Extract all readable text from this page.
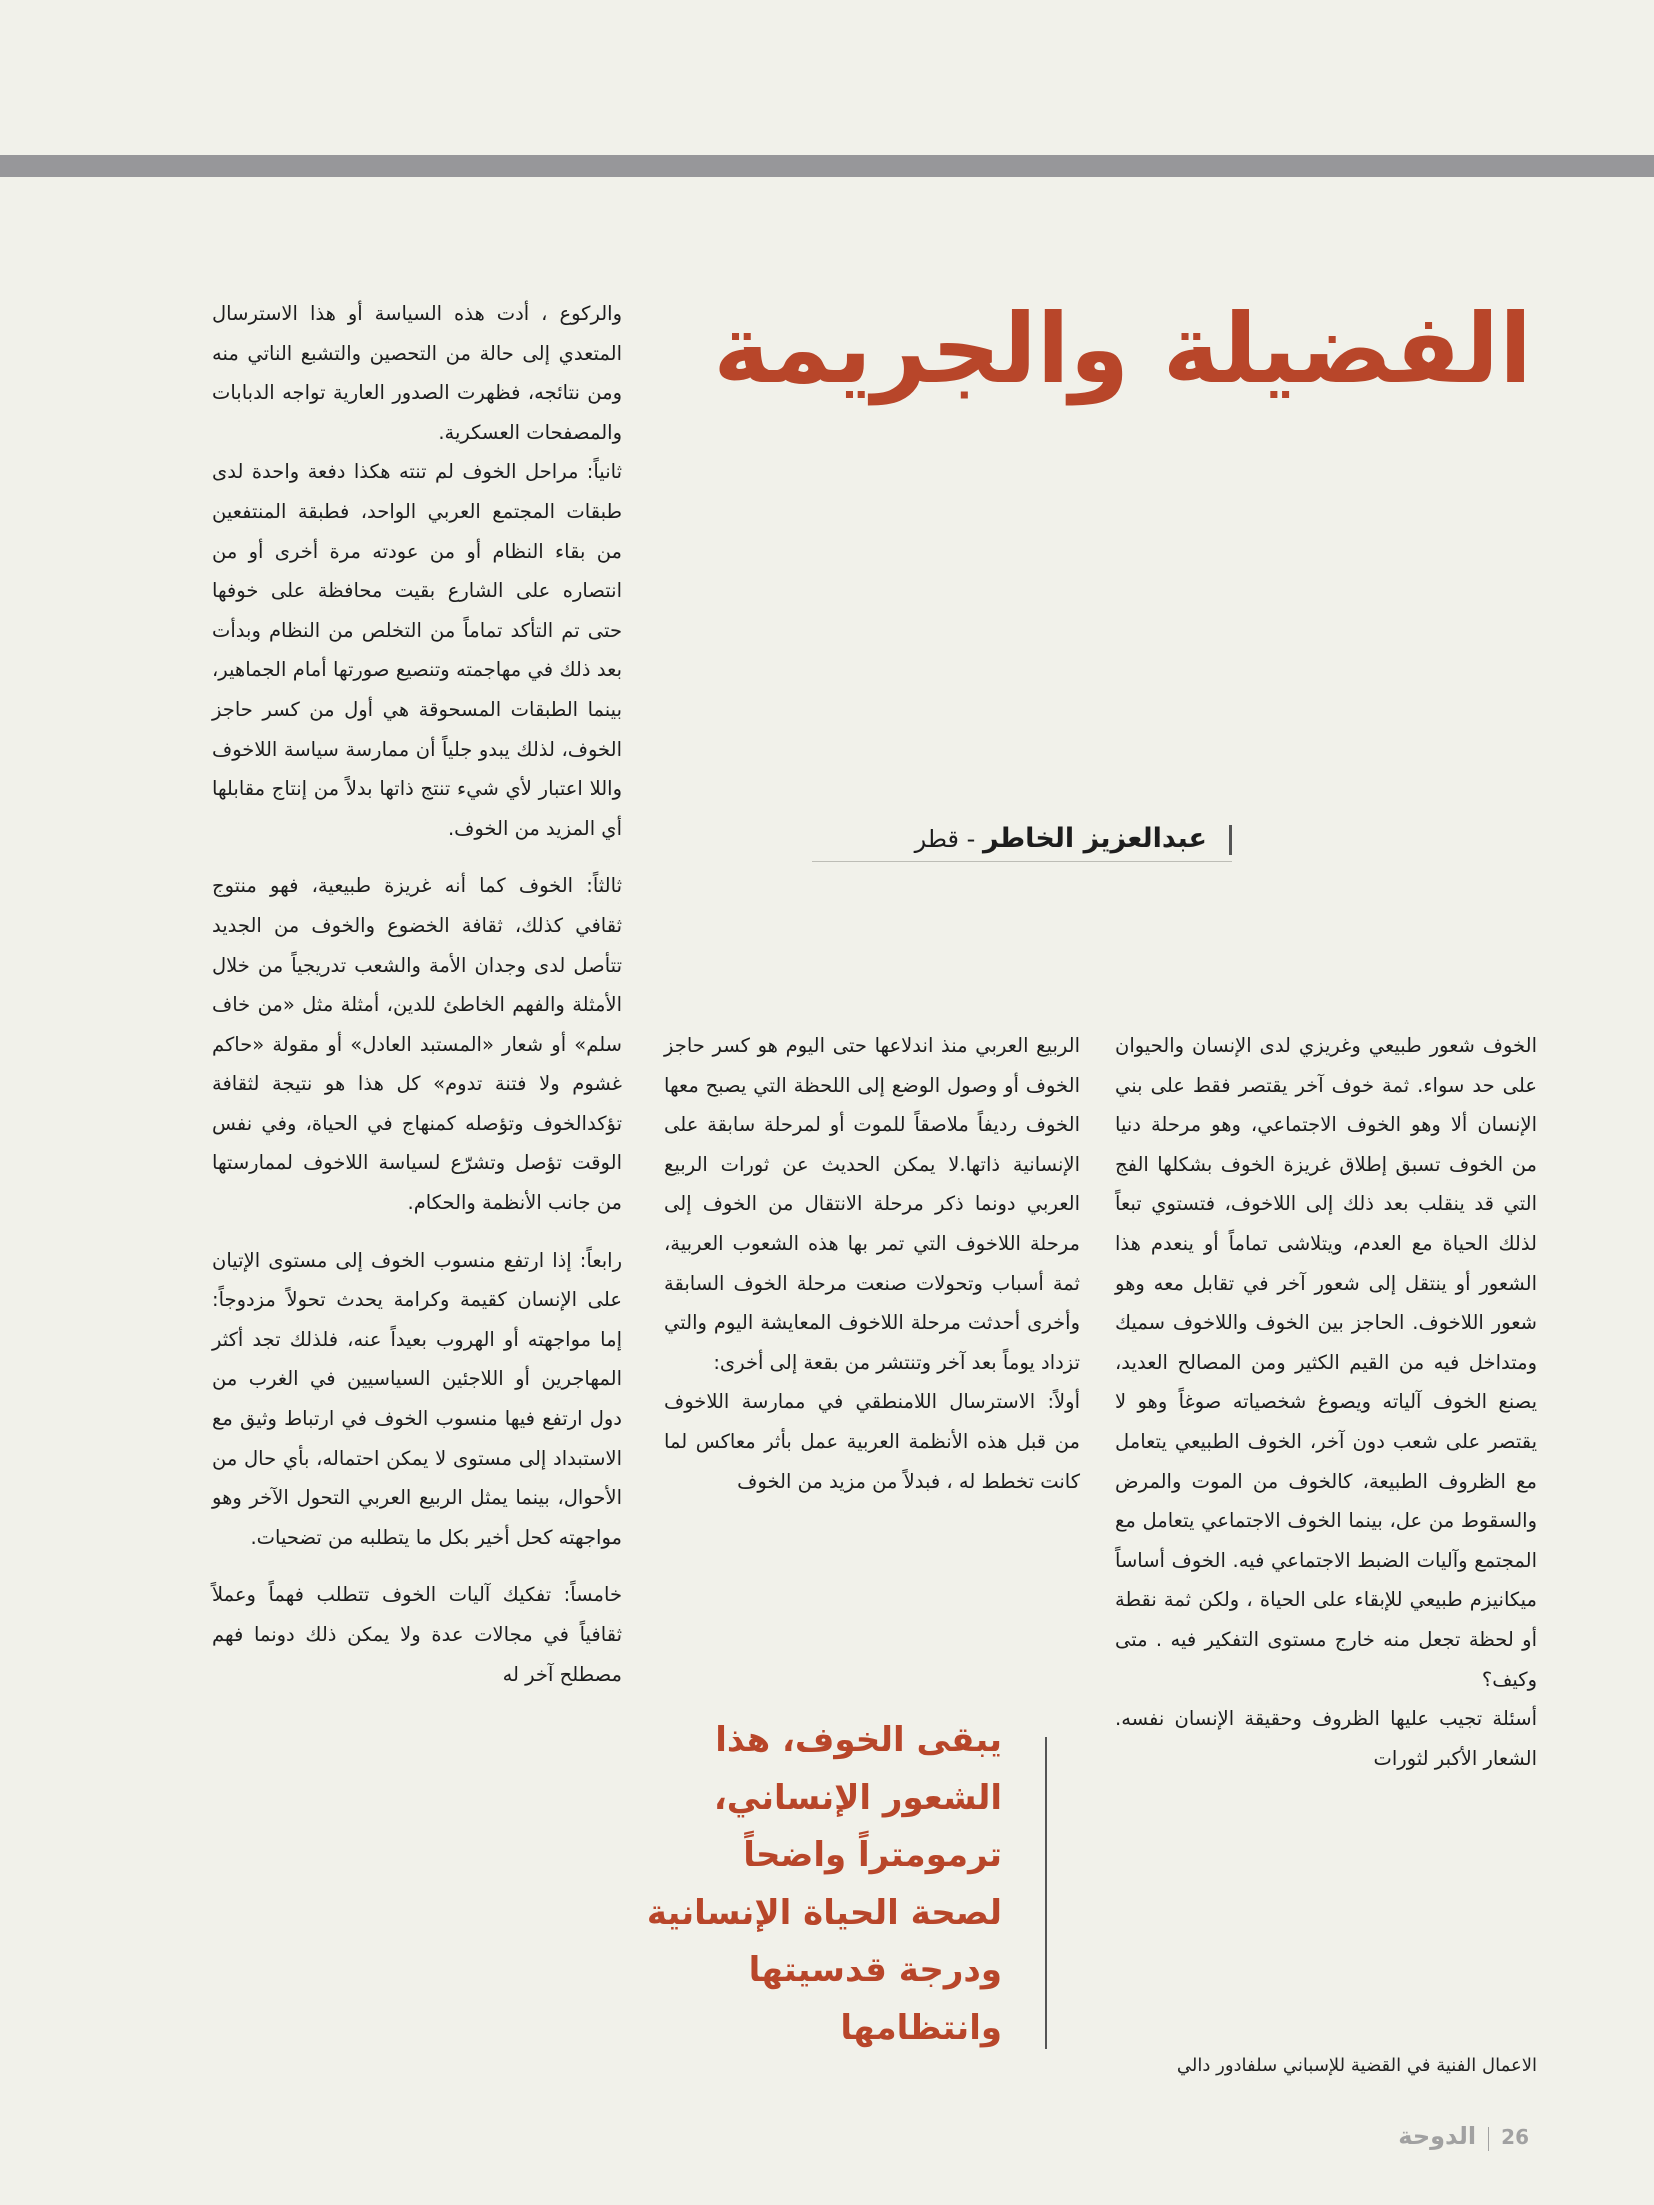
الفضيلة والجريمة
عبدالعزيز الخاطر - قطر

الخوف شعور طبيعي وغريزي لدى الإنسان والحيوان على حد سواء. ثمة خوف آخر يقتصر فقط على بني الإنسان ألا وهو الخوف الاجتماعي، وهو مرحلة دنيا من الخوف تسبق إطلاق غريزة الخوف بشكلها الفج التي قد ينقلب بعد ذلك إلى اللاخوف، فتستوي تبعاً لذلك الحياة مع العدم، ويتلاشى تماماً أو ينعدم هذا الشعور أو ينتقل إلى شعور آخر في تقابل معه وهو شعور اللاخوف. الحاجز بين الخوف واللاخوف سميك ومتداخل فيه من القيم الكثير ومن المصالح العديد، يصنع الخوف آلياته ويصوغ شخصياته صوغاً وهو لا يقتصر على شعب دون آخر، الخوف الطبيعي يتعامل مع الظروف الطبيعة، كالخوف من الموت والمرض والسقوط من عل، بينما الخوف الاجتماعي يتعامل مع المجتمع وآليات الضبط الاجتماعي فيه. الخوف أساساً ميكانيزم طبيعي للإبقاء على الحياة ، ولكن ثمة نقطة أو لحظة تجعل منه خارج مستوى التفكير فيه . متى وكيف؟

أسئلة تجيب عليها الظروف وحقيقة الإنسان نفسه. الشعار الأكبر لثورات

الربيع العربي منذ اندلاعها حتى اليوم هو كسر حاجز الخوف أو وصول الوضع إلى اللحظة التي يصبح معها الخوف رديفاً ملاصقاً للموت أو لمرحلة سابقة على الإنسانية ذاتها.لا يمكن الحديث عن ثورات الربيع العربي دونما ذكر مرحلة الانتقال من الخوف إلى مرحلة اللاخوف التي تمر بها هذه الشعوب العربية، ثمة أسباب وتحولات صنعت مرحلة الخوف السابقة وأخرى أحدثت مرحلة اللاخوف المعايشة اليوم والتي تزداد يوماً بعد آخر وتنتشر من بقعة إلى أخرى:

أولاً: الاسترسال اللامنطقي في ممارسة اللاخوف من قبل هذه الأنظمة العربية عمل بأثر معاكس لما كانت تخطط له ، فبدلاً من مزيد من الخوف

والركوع ، أدت هذه السياسة أو هذا الاسترسال المتعدي إلى حالة من التحصين والتشبع الناتي منه ومن نتائجه، فظهرت الصدور العارية تواجه الدبابات والمصفحات العسكرية.

ثانياً: مراحل الخوف لم تنته هكذا دفعة واحدة لدى طبقات المجتمع العربي الواحد، فطبقة المنتفعين من بقاء النظام أو من عودته مرة أخرى أو من انتصاره على الشارع بقيت محافظة على خوفها حتى تم التأكد تماماً من التخلص من النظام وبدأت بعد ذلك في مهاجمته وتنصيع صورتها أمام الجماهير، بينما الطبقات المسحوقة هي أول من كسر حاجز الخوف، لذلك يبدو جلياً أن ممارسة سياسة اللاخوف واللا اعتبار لأي شيء تنتج ذاتها بدلاً من إنتاج مقابلها أي المزيد من الخوف.

ثالثاً: الخوف كما أنه غريزة طبيعية، فهو منتوج ثقافي كذلك، ثقافة الخضوع والخوف من الجديد تتأصل لدى وجدان الأمة والشعب تدريجياً من خلال الأمثلة والفهم الخاطئ للدين، أمثلة مثل «من خاف سلم» أو شعار «المستبد العادل» أو مقولة «حاكم غشوم ولا فتنة تدوم» كل هذا هو نتيجة لثقافة تؤكدالخوف وتؤصله كمنهاج في الحياة، وفي نفس الوقت تؤصل وتشرّع لسياسة اللاخوف لممارستها من جانب الأنظمة والحكام.

رابعاً: إذا ارتفع منسوب الخوف إلى مستوى الإتيان على الإنسان كقيمة وكرامة يحدث تحولاً مزدوجاً: إما مواجهته أو الهروب بعيداً عنه، فلذلك تجد أكثر المهاجرين أو اللاجئين السياسيين في الغرب من دول ارتفع فيها منسوب الخوف في ارتباط وثيق مع الاستبداد إلى مستوى لا يمكن احتماله، بأي حال من الأحوال، بينما يمثل الربيع العربي التحول الآخر وهو مواجهته كحل أخير بكل ما يتطلبه من تضحيات.

خامساً: تفكيك آليات الخوف تتطلب فهماً وعملاً ثقافياً في مجالات عدة ولا يمكن ذلك دونما فهم مصطلح آخر له

يبقى الخوف، هذا الشعور الإنساني، ترمومتراً واضحاً لصحة الحياة الإنسانية ودرجة قدسيتها وانتظامها

الاعمال الفنية في القضية للإسباني سلفادور دالي

26الدوحة
